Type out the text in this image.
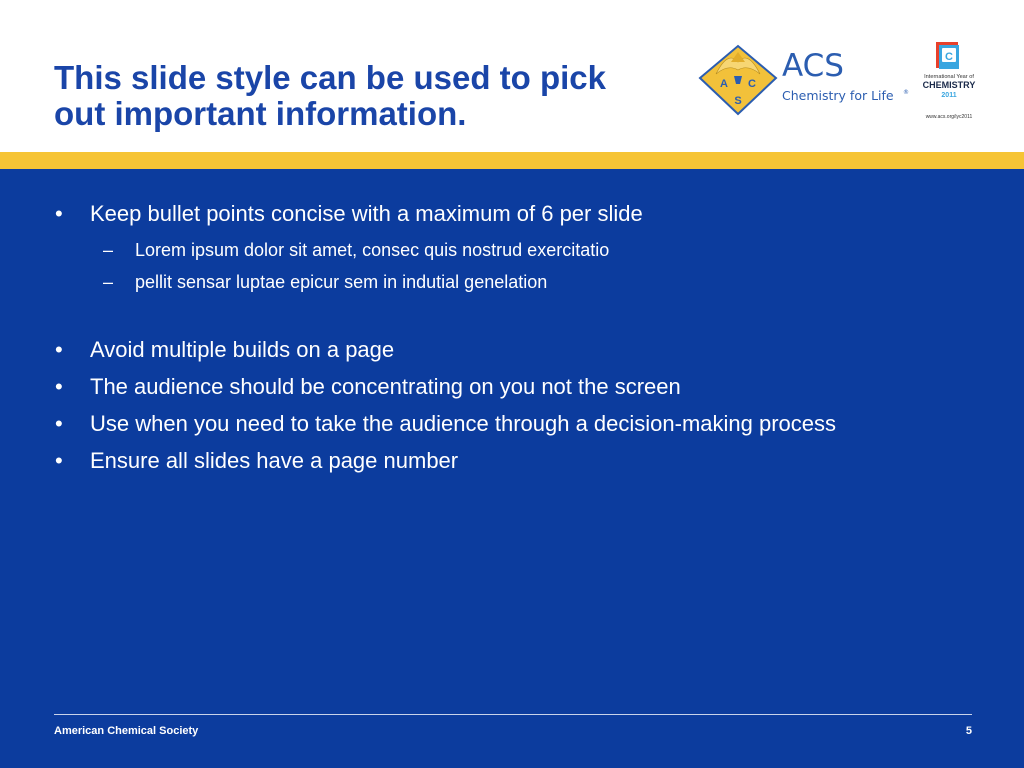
This slide style can be used to pick
out important information.
A C
S
ACS
Chemistry for Life ®
C
International Year of
CHEMISTRY
2011
www.acs.org/iyc2011
• Keep bullet points concise with a maximum of 6 per slide
– Lorem ipsum dolor sit amet, consec quis nostrud exercitatio
– pellit sensar luptae epicur sem in indutial genelation
• Avoid multiple builds on a page
• The audience should be concentrating on you not the screen
• Use when you need to take the audience through a decision-making process
• Ensure all slides have a page number
American Chemical Society	5
